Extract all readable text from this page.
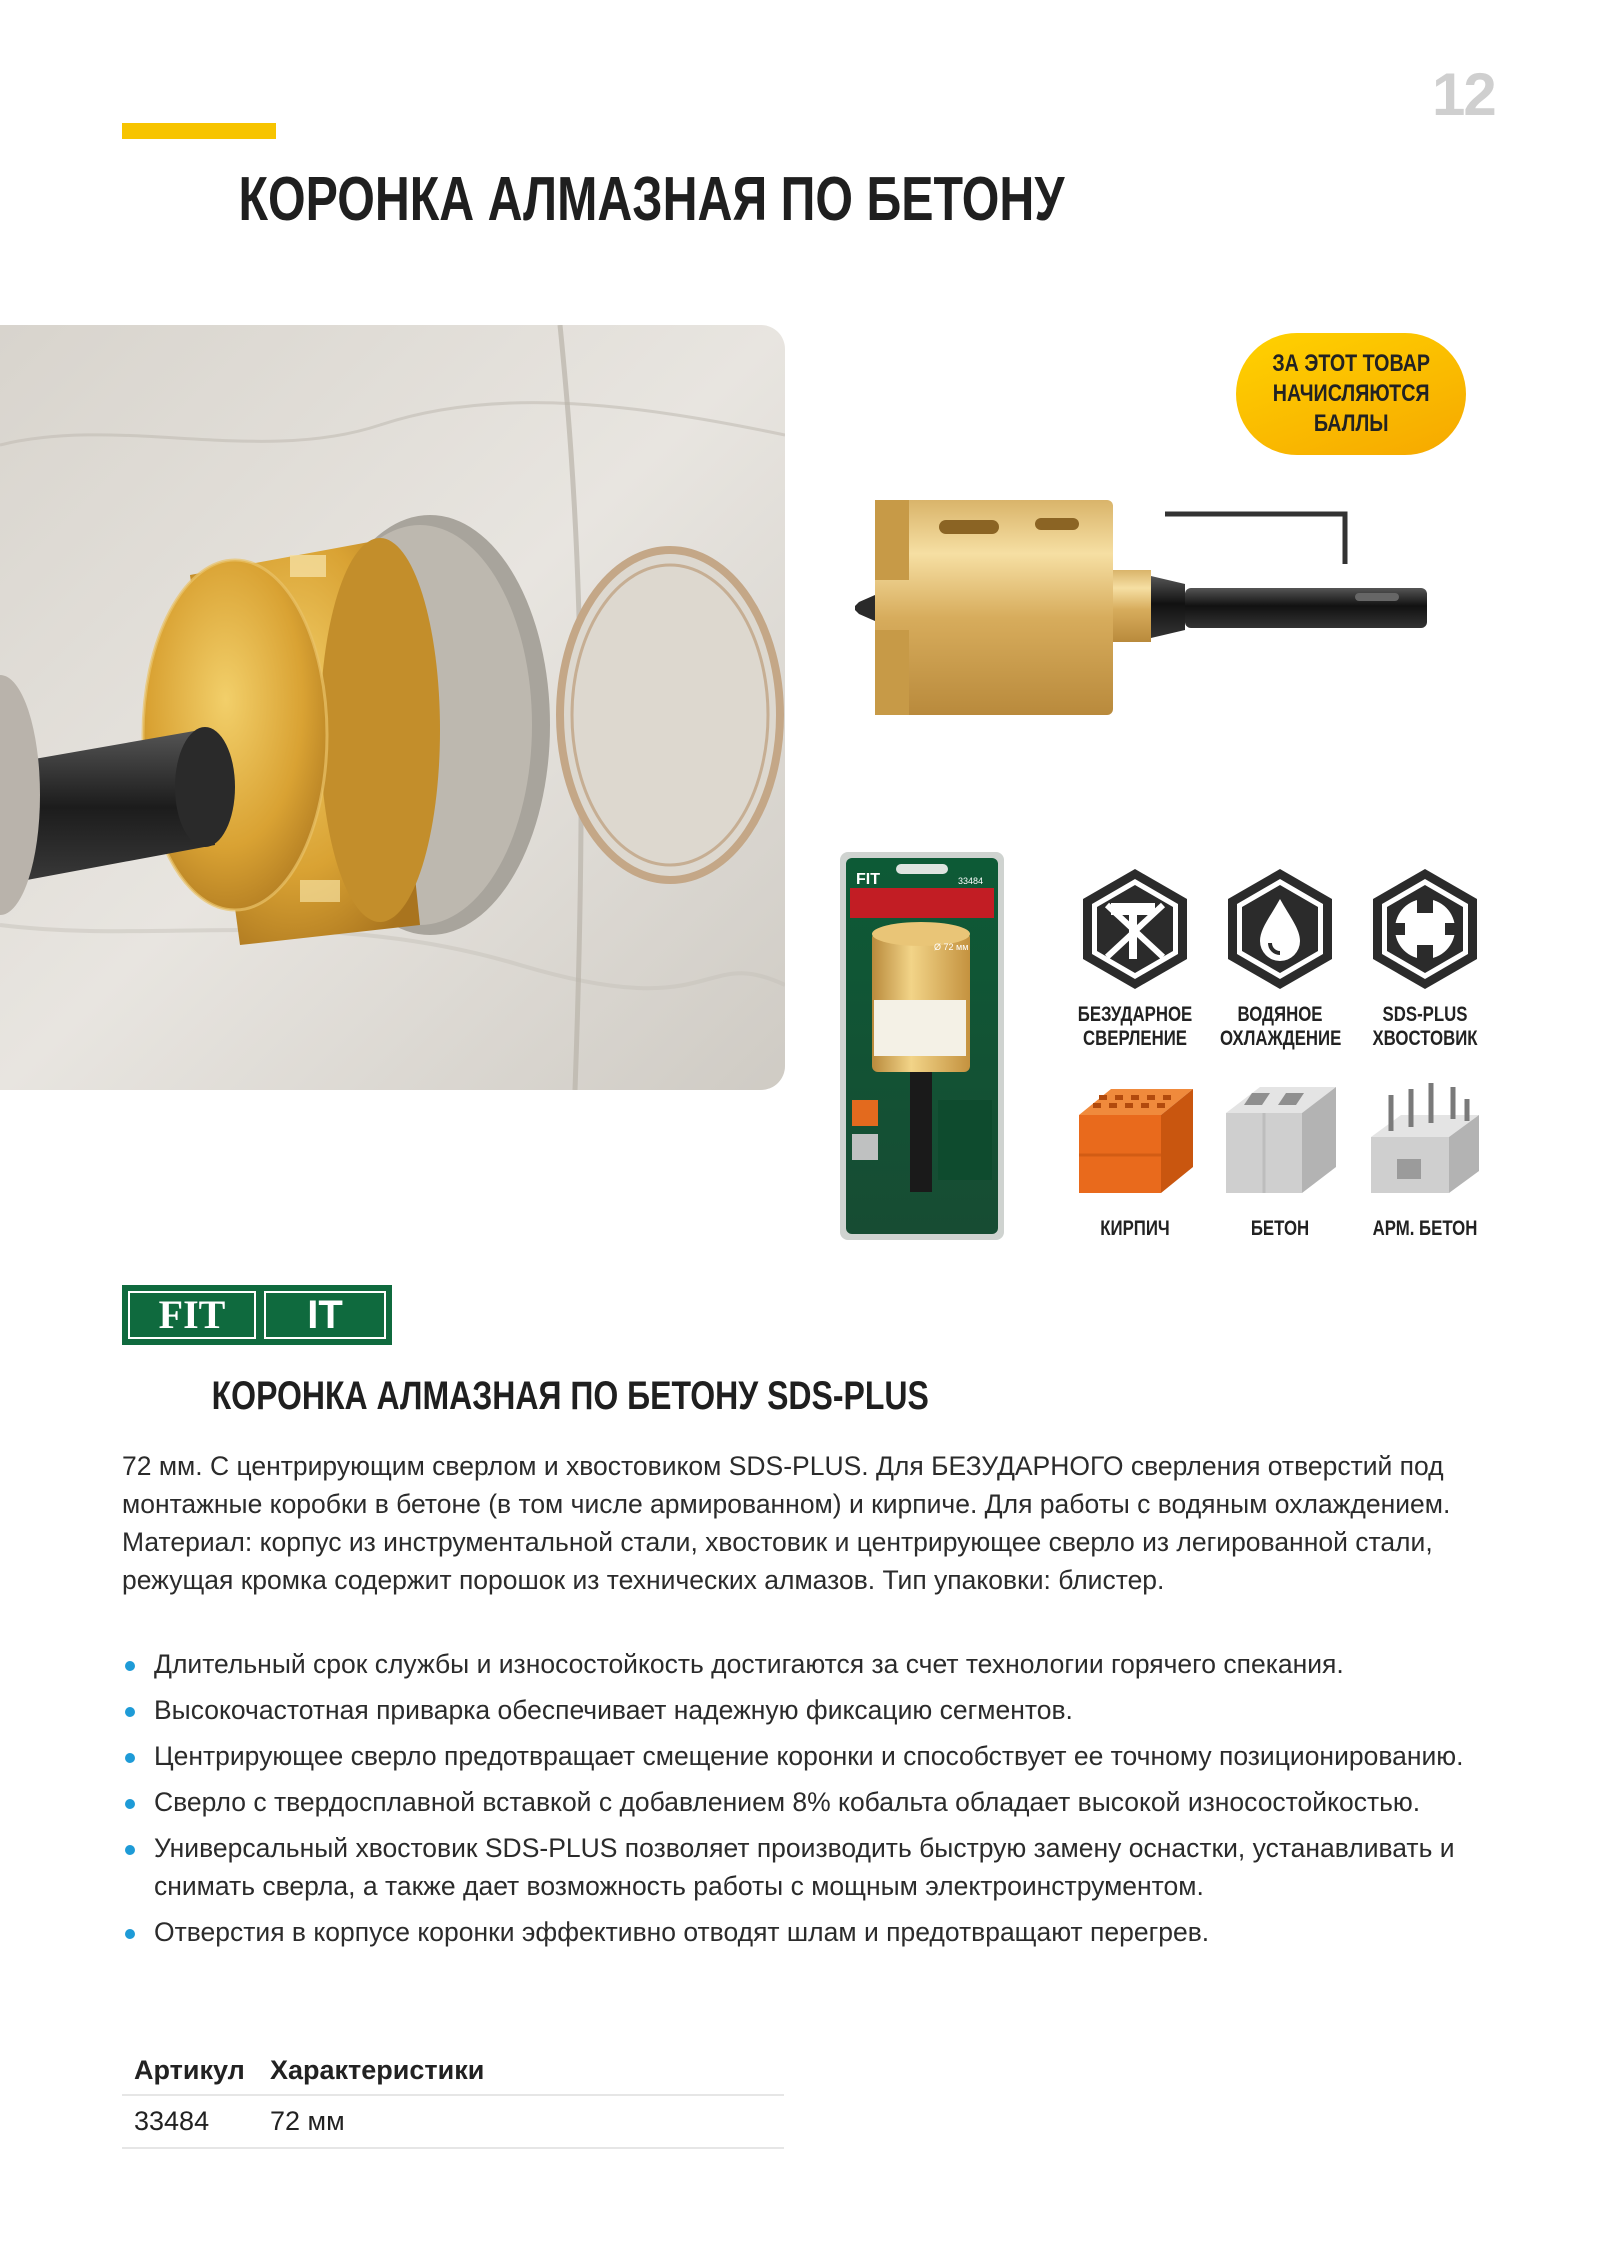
12
КОРОНКА АЛМАЗНАЯ ПО БЕТОНУ
ЗА ЭТОТ ТОВАР
НАЧИСЛЯЮТСЯ
БАЛЛЫ
FIT	33484
Ø 72 мм
БЕЗУДАРНОЕ
СВЕРЛЕНИЕ
ВОДЯНОЕ
ОХЛАЖДЕНИЕ
SDS-PLUS
ХВОСТОВИК
КИРПИЧ	БЕТОН	АРМ. БЕТОН
FIT	IT
КОРОНКА АЛМАЗНАЯ ПО БЕТОНУ SDS-PLUS
72 мм. С центрирующим сверлом и хвостовиком SDS-PLUS. Для БЕЗУДАРНОГО сверления отверстий под монтажные коробки в бетоне (в том числе армированном) и кирпиче. Для работы с водяным охлаждением. Материал: корпус из инструментальной стали, хвостовик и центрирующее сверло из легированной стали, режущая кромка содержит порошок из технических алмазов. Тип упаковки: блистер.
Длительный срок службы и износостойкость достигаются за счет технологии горячего спекания.
Высокочастотная приварка обеспечивает надежную фиксацию сегментов.
Центрирующее сверло предотвращает смещение коронки и способствует ее точному позиционированию.
Сверло с твердосплавной вставкой с добавлением 8% кобальта обладает высокой износостойкостью.
Универсальный хвостовик SDS-PLUS позволяет производить быструю замену оснастки, устанавливать и снимать сверла, а также дает возможность работы с мощным электроинструментом.
Отверстия в корпусе коронки эффективно отводят шлам и предотвращают перегрев.
Артикул	Характеристики
33484	72 мм
